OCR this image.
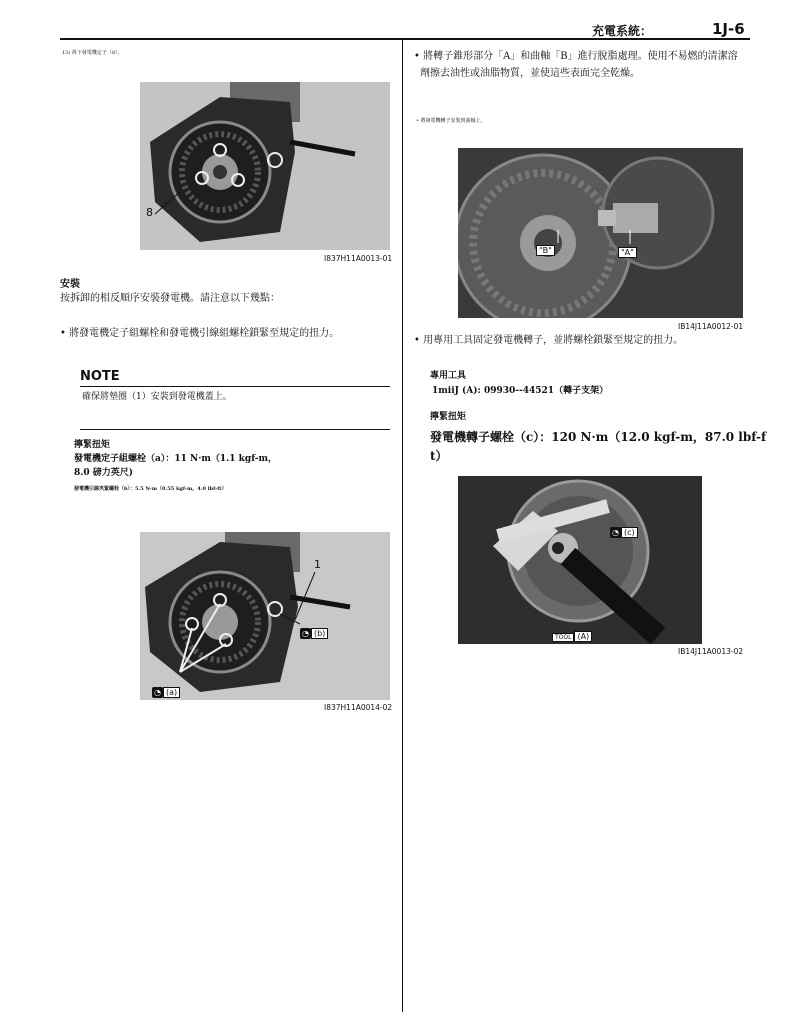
充電系統：	1J-6
13) 拆下發電機定子（8）。
8
I837H11A0013-01
安裝
按拆卸的相反順序安裝發電機。請注意以下幾點：
• 將發電機定子組螺栓和發電機引線組螺栓鎖緊至規定的扭力。
NOTE
確保將墊圈（1）安裝到發電機蓋上。
擰緊扭矩
發電機定子組螺栓（a）：11 N·m（1.1 kgf-m，
8.0 磅力英尺)
發電機引線夾緊螺栓（b）：5.5 N·m（0.55 kgf-m，4.0 lbf-ft）
1
◔ (b)
◔ (a)
I837H11A0014-02
• 將轉子錐形部分「A」和曲軸「B」進行脫脂處理。使用不易燃的清潔溶
劑擦去油性或油脂物質，並使這些表面完全乾燥。
• 將發電機轉子安裝到曲軸上。
"B"	"A"
IB14J11A0012-01
• 用專用工具固定發電機轉子，並將螺栓鎖緊至規定的扭力。
專用工具
1miiJ (A): 09930--44521（轉子支架）
擰緊扭矩
發電機轉子螺栓（c）：120 N·m（12.0 kgf-m，87.0 lbf-f
t）
◔ (c)
TOOL (A)
IB14J11A0013-02
